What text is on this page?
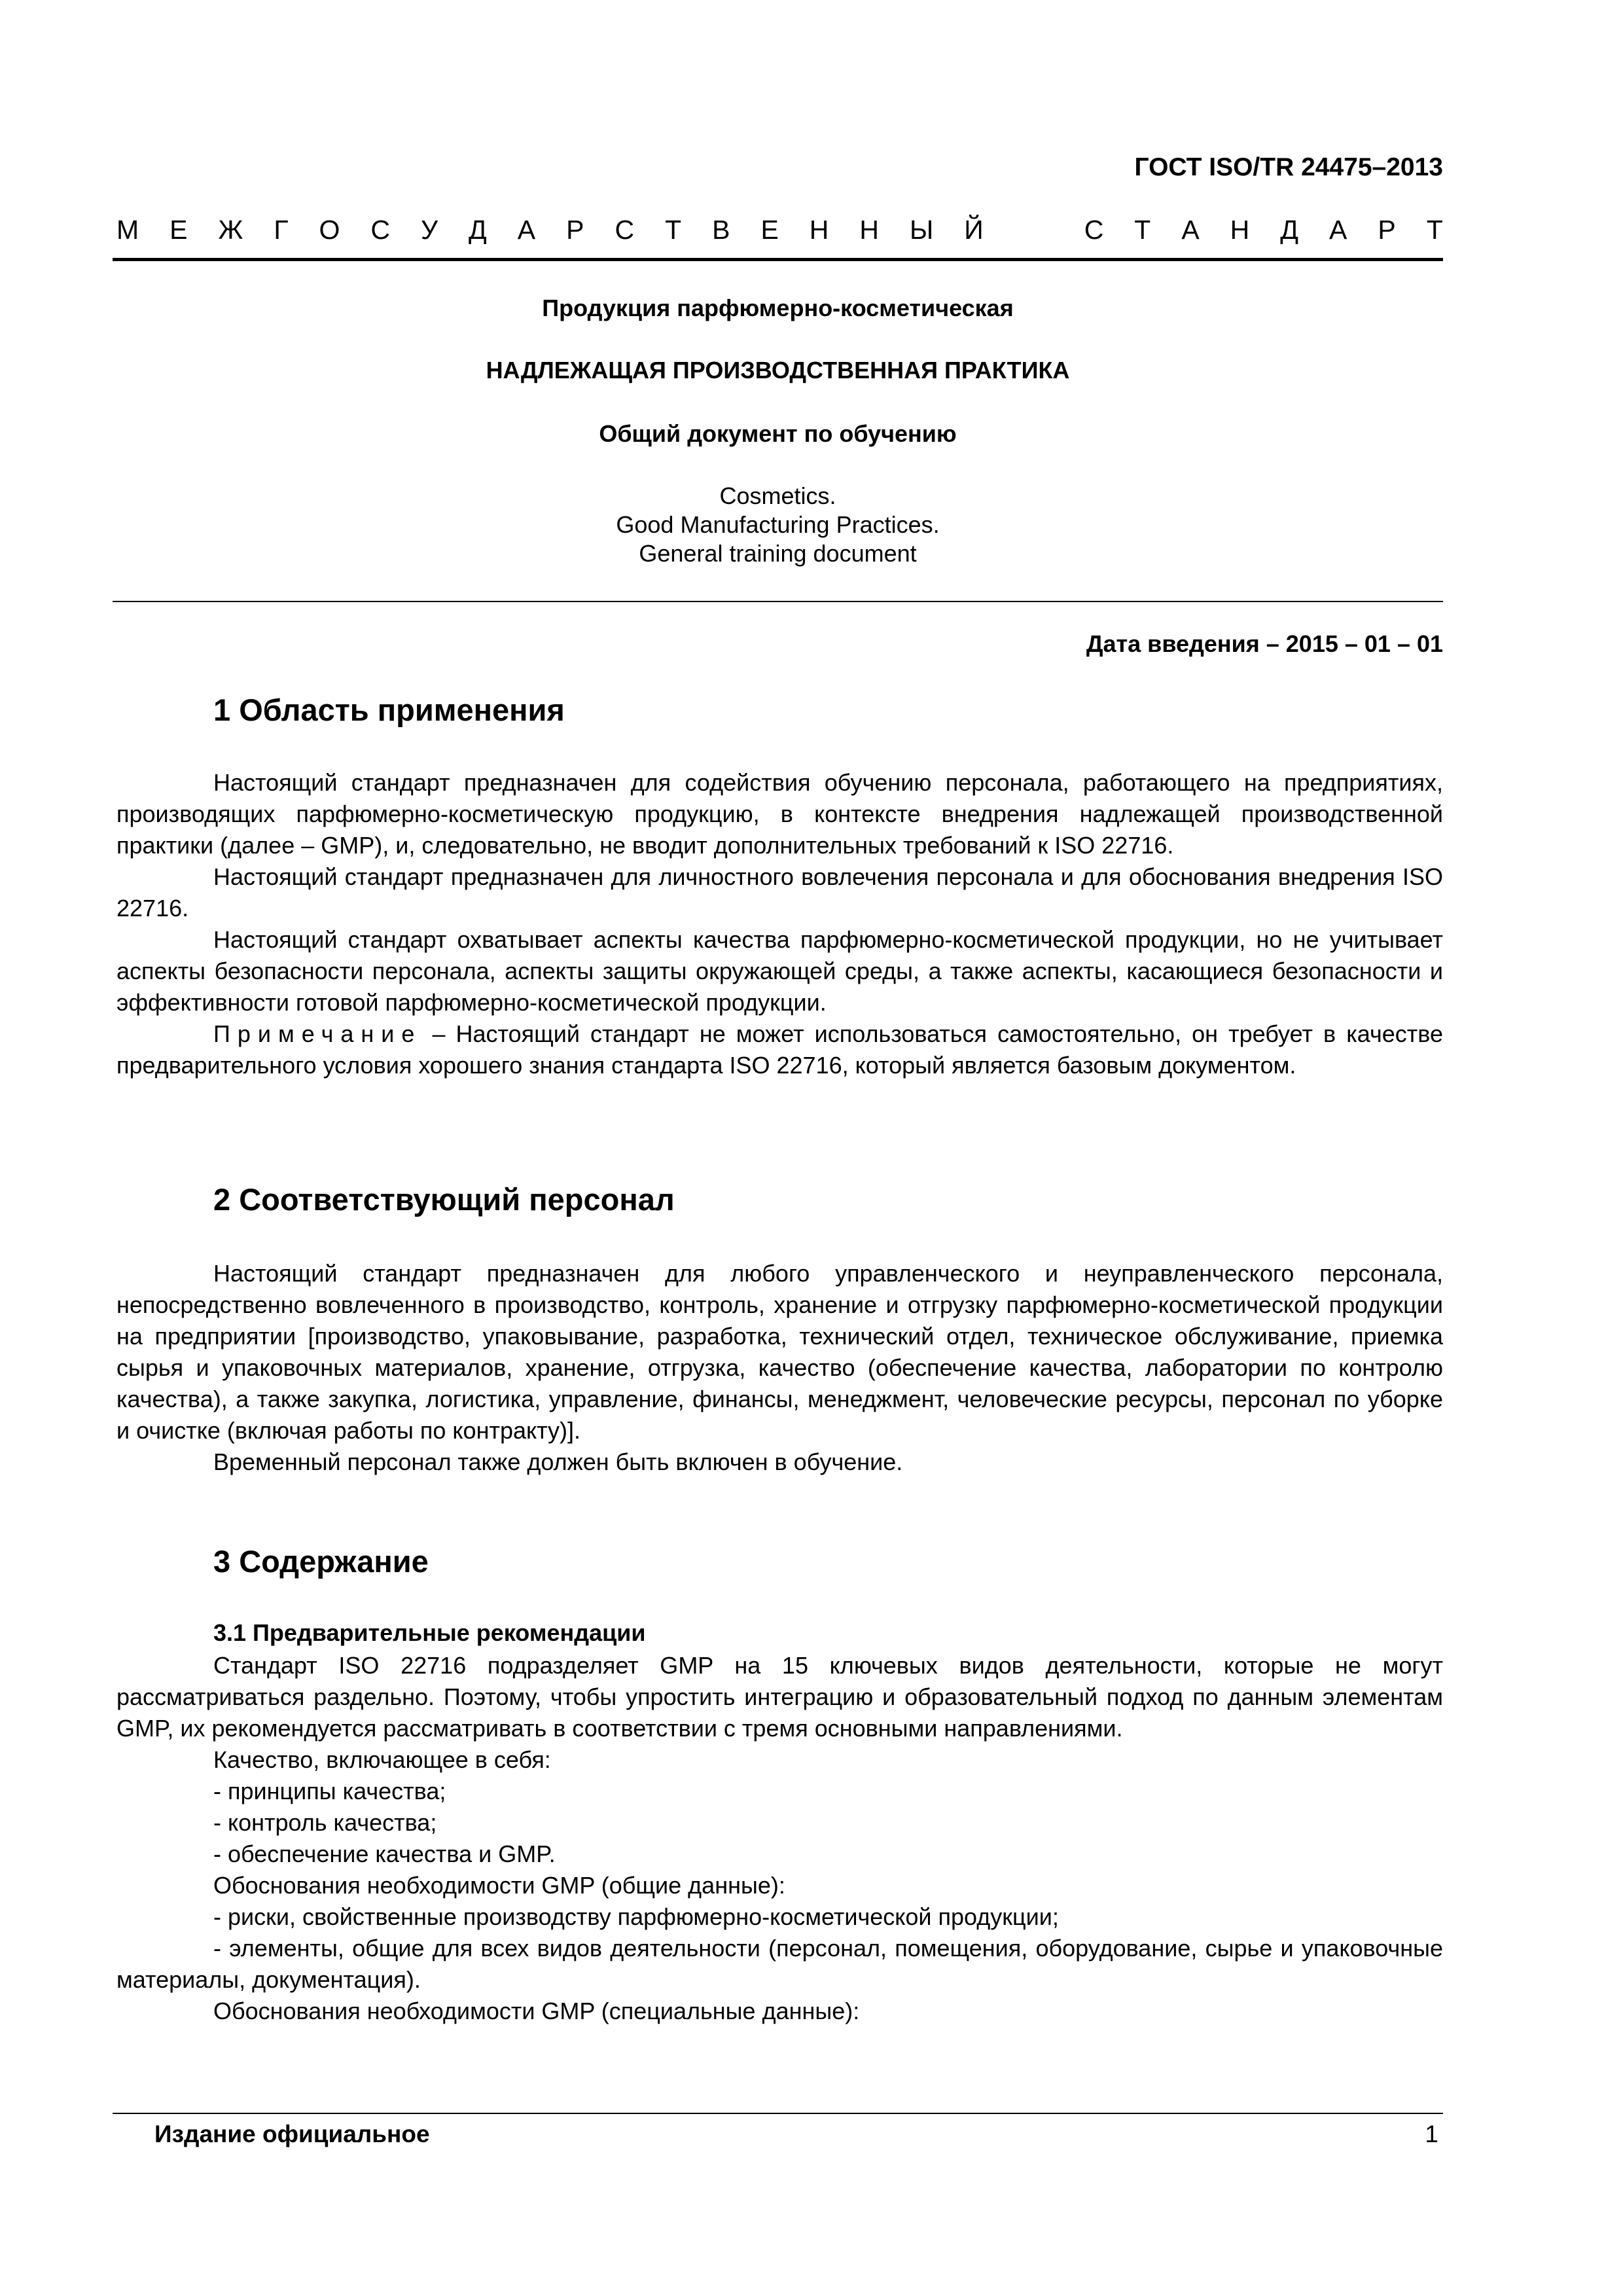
ГОСТ ISO/TR 24475–2013
М Е Ж Г О С У Д А Р С Т В Е Н Н Ы Й	С Т А Н Д А Р Т
Продукция парфюмерно-косметическая
НАДЛЕЖАЩАЯ ПРОИЗВОДСТВЕННАЯ ПРАКТИКА
Общий документ по обучению
Cosmetics.
Good Manufacturing Practices.
General training document
Дата введения – 2015 – 01 – 01
1 Область применения

Настоящий стандарт предназначен для содействия обучению персонала, работающего на предприятиях, производящих парфюмерно-косметическую продукцию, в контексте внедрения надлежащей производственной практики (далее – GMP), и, следовательно, не вводит дополнительных требований к ISO 22716.

Настоящий стандарт предназначен для личностного вовлечения персонала и для обоснования внедрения ISO 22716.

Настоящий стандарт охватывает аспекты качества парфюмерно-косметической продукции, но не учитывает аспекты безопасности персонала, аспекты защиты окружающей среды, а также аспекты, касающиеся безопасности и эффективности готовой парфюмерно-косметической продукции.

Примечание – Настоящий стандарт не может использоваться самостоятельно, он требует в качестве предварительного условия хорошего знания стандарта ISO 22716, который является базовым документом.

2 Соответствующий персонал

Настоящий стандарт предназначен для любого управленческого и неуправленческого персонала, непосредственно вовлеченного в производство, контроль, хранение и отгрузку парфюмерно-косметической продукции на предприятии [производство, упаковывание, разработка, технический отдел, техническое обслуживание, приемка сырья и упаковочных материалов, хранение, отгрузка, качество (обеспечение качества, лаборатории по контролю качества), а также закупка, логистика, управление, финансы, менеджмент, человеческие ресурсы, персонал по уборке и очистке (включая работы по контракту)].

Временный персонал также должен быть включен в обучение.

3 Содержание
3.1 Предварительные рекомендации

Стандарт ISO 22716 подразделяет GMP на 15 ключевых видов деятельности, которые не могут рассматриваться раздельно. Поэтому, чтобы упростить интеграцию и образовательный подход по данным элементам GMP, их рекомендуется рассматривать в соответствии с тремя основными направлениями.

Качество, включающее в себя:

- принципы качества;

- контроль качества;

- обеспечение качества и GMP.

Обоснования необходимости GMP (общие данные):

- риски, свойственные производству парфюмерно-косметической продукции;

- элементы, общие для всех видов деятельности (персонал, помещения, оборудование, сырье и упаковочные материалы, документация).

Обоснования необходимости GMP (специальные данные):

Издание официальное	1
